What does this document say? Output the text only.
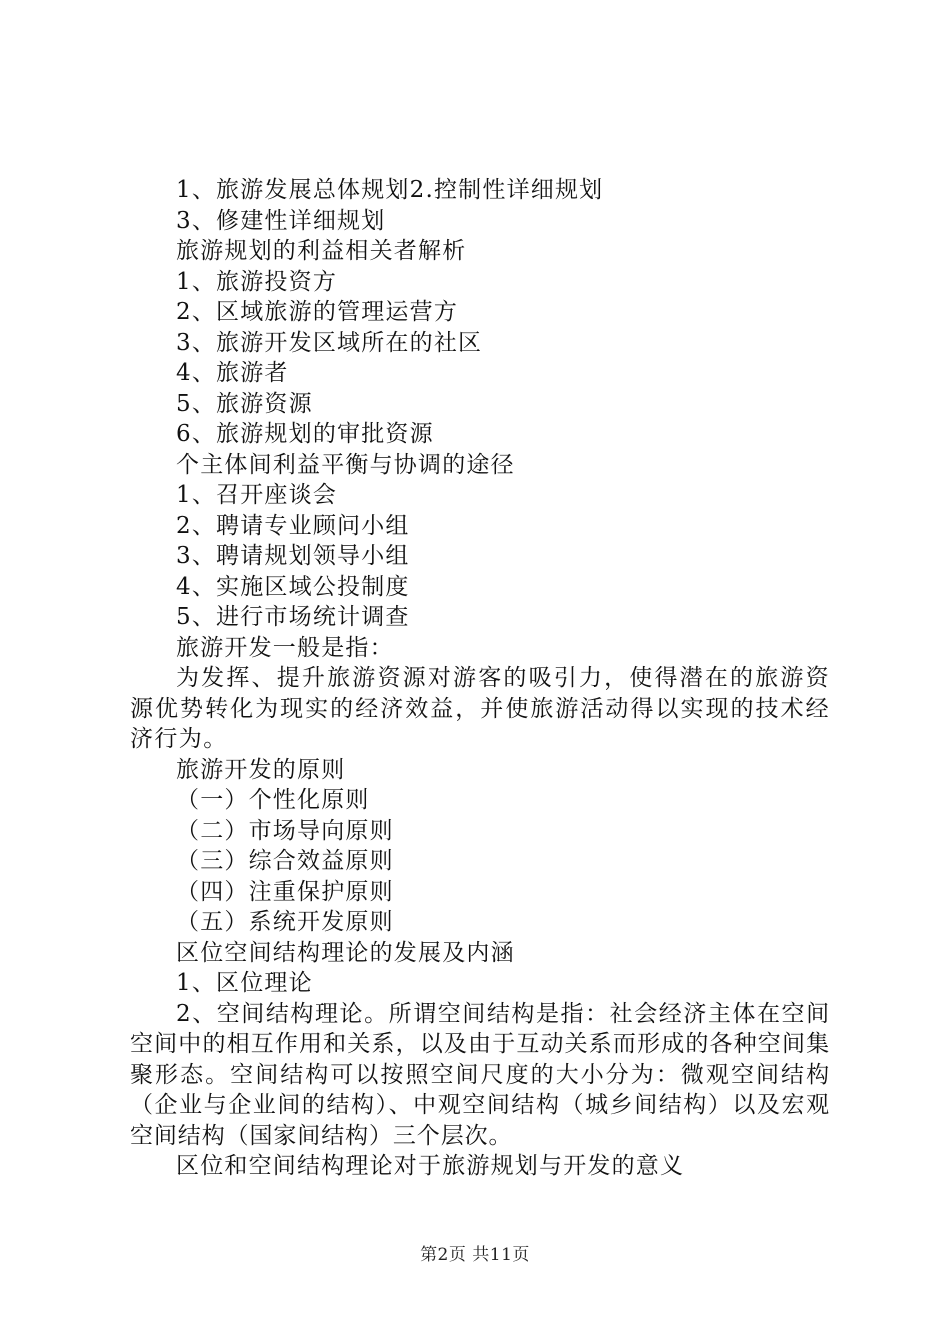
1、旅游发展总体规划2.控制性详细规划
3、修建性详细规划
旅游规划的利益相关者解析
1、旅游投资方
2、区域旅游的管理运营方
3、旅游开发区域所在的社区
4、旅游者
5、旅游资源
6、旅游规划的审批资源
个主体间利益平衡与协调的途径
1、召开座谈会
2、聘请专业顾问小组
3、聘请规划领导小组
4、实施区域公投制度
5、进行市场统计调查
旅游开发一般是指：

为发挥、提升旅游资源对游客的吸引力，使得潜在的旅游资源优势转化为现实的经济效益，并使旅游活动得以实现的技术经济行为。

旅游开发的原则
（一）个性化原则
（二）市场导向原则
（三）综合效益原则
（四）注重保护原则
（五）系统开发原则
区位空间结构理论的发展及内涵
1、区位理论

2、空间结构理论。所谓空间结构是指：社会经济主体在空间空间中的相互作用和关系，以及由于互动关系而形成的各种空间集聚形态。空间结构可以按照空间尺度的大小分为：微观空间结构（企业与企业间的结构）、中观空间结构（城乡间结构）以及宏观空间结构（国家间结构）三个层次。

区位和空间结构理论对于旅游规划与开发的意义
第2页 共11页
